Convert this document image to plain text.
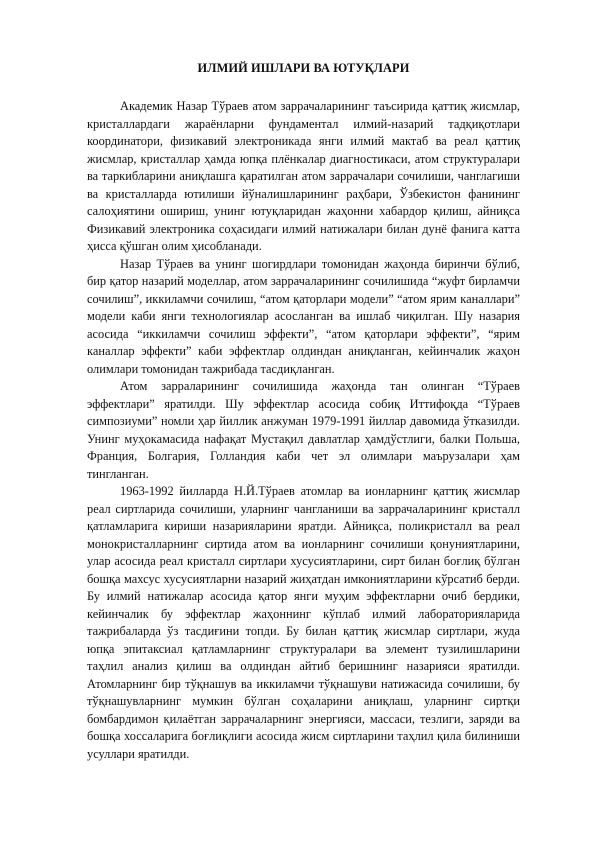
ИЛМИЙ ИШЛАРИ ВА ЮТУҚЛАРИ

Академик Назар Тўраев атом заррачаларининг таъсирида қаттиқ жисмлар, кристаллардаги жараёнларни фундаментал илмий-назарий тадқиқотлари координатори, физикавий электроникада янги илмий мактаб ва реал қаттиқ жисмлар, кристаллар ҳамда юпқа плёнкалар диагностикаси, атом структуралари ва таркибларини аниқлашга қаратилган атом заррачалари сочилиши, чанглагиши ва кристалларда ютилиши йўналишларининг раҳбари, Ўзбекистон фанининг салоҳиятини ошириш, унинг ютуқларидан жаҳонни хабардор қилиш, айниқса Физикавий электроника соҳасидаги илмий натижалари билан дунё фанига катта ҳисса қўшган олим ҳисобланади.

Назар Тўраев ва унинг шогирдлари томонидан жаҳонда биринчи бўлиб, бир қатор назарий моделлар, атом заррачаларининг сочилишида “жуфт бирламчи сочилиш”, иккиламчи сочилиш, “атом қаторлари модели” “атом ярим каналлари” модели каби янги технологиялар асосланган ва ишлаб чиқилган. Шу назария асосида “иккиламчи сочилиш эффекти”, “атом қаторлари эффекти”, “ярим каналлар эффекти” каби эффектлар олдиндан аниқланган, кейинчалик жаҳон олимлари томонидан тажрибада тасдиқланган.

Атом зарраларининг сочилишида жаҳонда тан олинган “Тўраев эффектлари” яратилди. Шу эффектлар асосида собиқ Иттифоқда “Тўраев симпозиуми” номли ҳар йиллик анжуман 1979-1991 йиллар давомида ўтказилди. Унинг муҳокамасида нафақат Мустақил давлатлар ҳамдўстлиги, балки Польша, Франция, Болгария, Голландия каби чет эл олимлари маърузалари ҳам тингланган.

1963-1992 йилларда Н.Й.Тўраев атомлар ва ионларнинг қаттиқ жисмлар реал сиртларида сочилиши, уларнинг чангланиши ва заррачаларининг кристалл қатламларига кириши назарияларини яратди. Айниқса, поликристалл ва реал монокристалларнинг сиртида атом ва ионларнинг сочилиши қонуниятларини, улар асосида реал кристалл сиртлари хусусиятларини, сирт билан боғлиқ бўлган бошқа махсус хусусиятларни назарий жиҳатдан имкониятларини кўрсатиб берди. Бу илмий натижалар асосида қатор янги муҳим эффектларни очиб бердики, кейинчалик бу эффектлар жаҳоннинг кўплаб илмий лабораторияларида тажрибаларда ўз тасдиғини топди. Бу билан қаттиқ жисмлар сиртлари, жуда юпқа эпитаксиал қатламларнинг структуралари ва элемент тузилишларини таҳлил анализ қилиш ва олдиндан айтиб беришнинг назарияси яратилди. Атомларнинг бир тўқнашув ва иккиламчи тўқнашуви натижасида сочилиши, бу тўқнашувларнинг мумкин бўлган соҳаларини аниқлаш, уларнинг сиртқи бомбардимон қилаётган заррачаларнинг энергияси, массаси, тезлиги, заряди ва бошқа хоссаларига боғлиқлиги асосида жисм сиртларини таҳлил қила билиниши усуллари яратилди.
